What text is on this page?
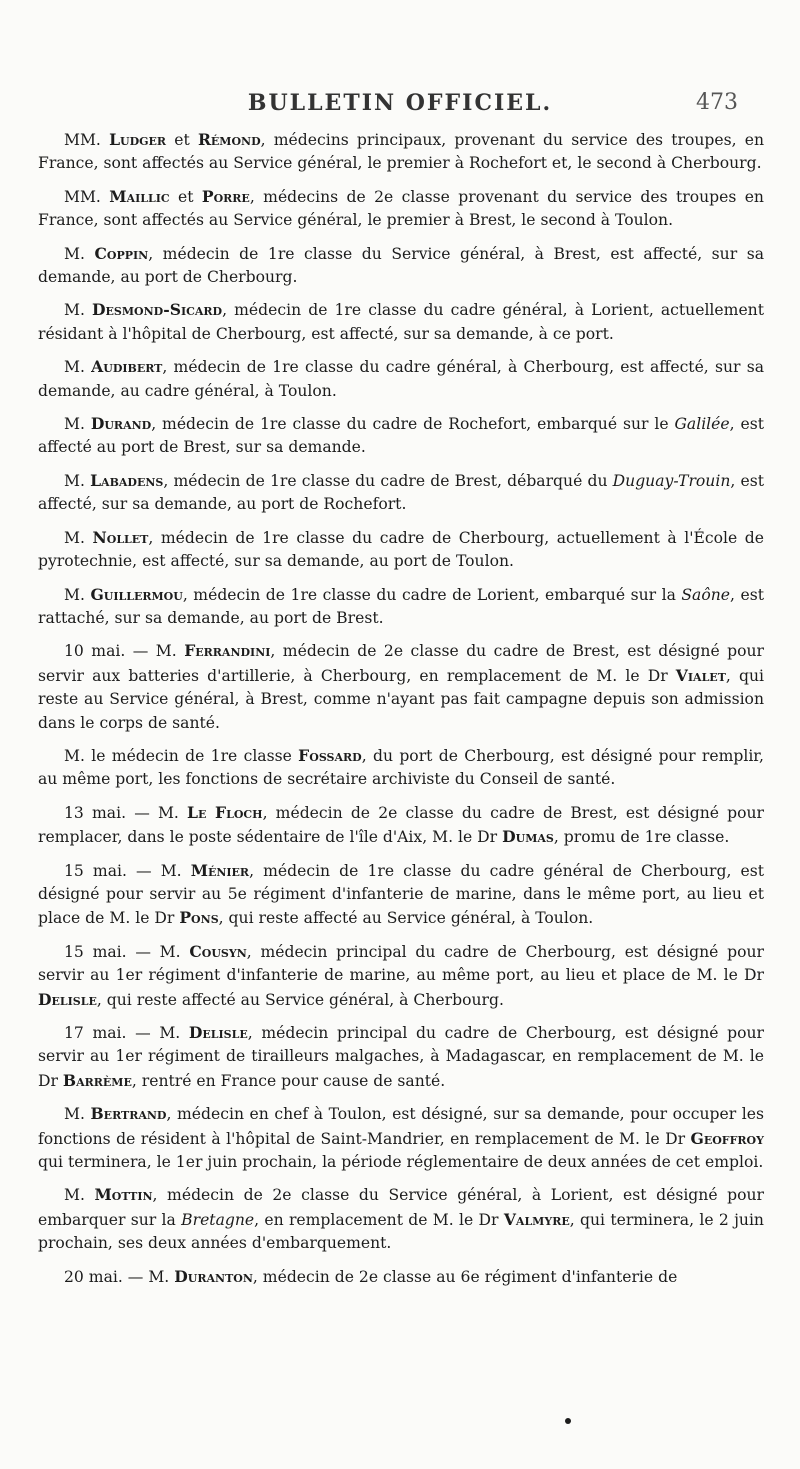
BULLETIN OFFICIEL.	473

MM. Ludger et Rémond, médecins principaux, provenant du service des troupes, en France, sont affectés au Service général, le premier à Rochefort et, le second à Cherbourg.

MM. Maillic et Porre, médecins de 2e classe provenant du service des troupes en France, sont affectés au Service général, le premier à Brest, le second à Toulon.

M. Coppin, médecin de 1re classe du Service général, à Brest, est affecté, sur sa demande, au port de Cherbourg.

M. Desmond-Sicard, médecin de 1re classe du cadre général, à Lorient, actuellement résidant à l'hôpital de Cherbourg, est affecté, sur sa demande, à ce port.

M. Audibert, médecin de 1re classe du cadre général, à Cherbourg, est affecté, sur sa demande, au cadre général, à Toulon.

M. Durand, médecin de 1re classe du cadre de Rochefort, embarqué sur le Galilée, est affecté au port de Brest, sur sa demande.

M. Labadens, médecin de 1re classe du cadre de Brest, débarqué du Duguay-Trouin, est affecté, sur sa demande, au port de Rochefort.

M. Nollet, médecin de 1re classe du cadre de Cherbourg, actuellement à l'École de pyrotechnie, est affecté, sur sa demande, au port de Toulon.

M. Guillermou, médecin de 1re classe du cadre de Lorient, embarqué sur la Saône, est rattaché, sur sa demande, au port de Brest.

10 mai. — M. Ferrandini, médecin de 2e classe du cadre de Brest, est désigné pour servir aux batteries d'artillerie, à Cherbourg, en remplacement de M. le Dr Vialet, qui reste au Service général, à Brest, comme n'ayant pas fait campagne depuis son admission dans le corps de santé.

M. le médecin de 1re classe Fossard, du port de Cherbourg, est désigné pour remplir, au même port, les fonctions de secrétaire archiviste du Conseil de santé.

13 mai. — M. Le Floch, médecin de 2e classe du cadre de Brest, est désigné pour remplacer, dans le poste sédentaire de l'île d'Aix, M. le Dr Dumas, promu de 1re classe.

15 mai. — M. Ménier, médecin de 1re classe du cadre général de Cherbourg, est désigné pour servir au 5e régiment d'infanterie de marine, dans le même port, au lieu et place de M. le Dr Pons, qui reste affecté au Service général, à Toulon.

15 mai. — M. Cousyn, médecin principal du cadre de Cherbourg, est désigné pour servir au 1er régiment d'infanterie de marine, au même port, au lieu et place de M. le Dr Delisle, qui reste affecté au Service général, à Cherbourg.

17 mai. — M. Delisle, médecin principal du cadre de Cherbourg, est désigné pour servir au 1er régiment de tirailleurs malgaches, à Madagascar, en remplacement de M. le Dr Barrème, rentré en France pour cause de santé.

M. Bertrand, médecin en chef à Toulon, est désigné, sur sa demande, pour occuper les fonctions de résident à l'hôpital de Saint-Mandrier, en remplacement de M. le Dr Geoffroy qui terminera, le 1er juin prochain, la période réglementaire de deux années de cet emploi.

M. Mottin, médecin de 2e classe du Service général, à Lorient, est désigné pour embarquer sur la Bretagne, en remplacement de M. le Dr Valmyre, qui terminera, le 2 juin prochain, ses deux années d'embarquement.

20 mai. — M. Duranton, médecin de 2e classe au 6e régiment d'infanterie de
